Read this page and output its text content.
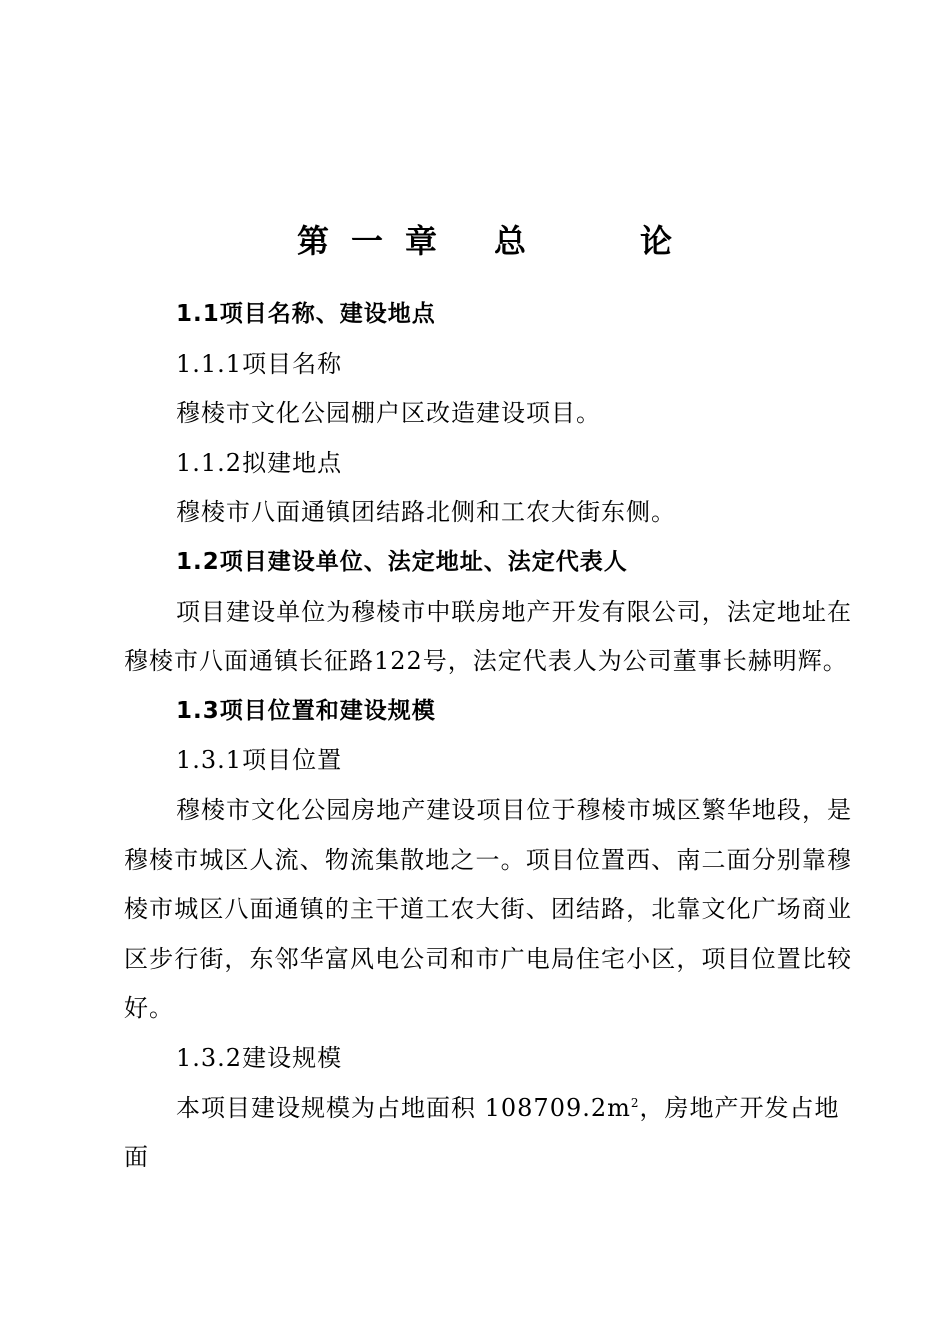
第 一 章 总	论

1.1项目名称、建设地点

1.1.1项目名称

穆棱市文化公园棚户区改造建设项目。

1.1.2拟建地点

穆棱市八面通镇团结路北侧和工农大街东侧。

1.2项目建设单位、法定地址、法定代表人

项目建设单位为穆棱市中联房地产开发有限公司，法定地址在穆棱市八面通镇长征路122号，法定代表人为公司董事长赫明辉。

1.3项目位置和建设规模

1.3.1项目位置

穆棱市文化公园房地产建设项目位于穆棱市城区繁华地段，是穆棱市城区人流、物流集散地之一。项目位置西、南二面分别靠穆棱市城区八面通镇的主干道工农大街、团结路，北靠文化广场商业区步行街，东邻华富风电公司和市广电局住宅小区，项目位置比较好。

1.3.2建设规模

本项目建设规模为占地面积 $108709.2m^2$，房地产开发占地面
